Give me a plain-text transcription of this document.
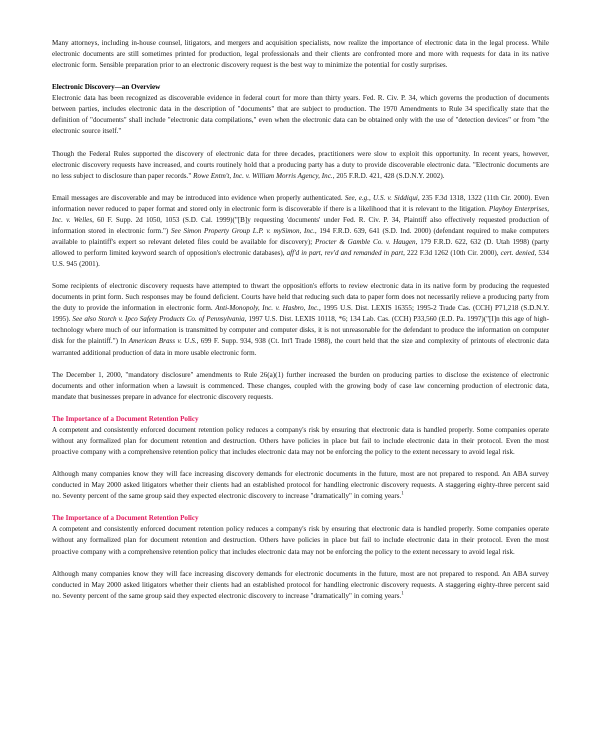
Many attorneys, including in-house counsel, litigators, and mergers and acquisition specialists, now realize the importance of electronic data in the legal process. While electronic documents are still sometimes printed for production, legal professionals and their clients are confronted more and more with requests for data in its native electronic form. Sensible preparation prior to an electronic discovery request is the best way to minimize the potential for costly surprises.

Electronic Discovery—an Overview

Electronic data has been recognized as discoverable evidence in federal court for more than thirty years. Fed. R. Civ. P. 34, which governs the production of documents between parties, includes electronic data in the description of "documents" that are subject to production. The 1970 Amendments to Rule 34 specifically state that the definition of "documents" shall include "electronic data compilations," even when the electronic data can be obtained only with the use of "detection devices" or from "the electronic source itself."

Though the Federal Rules supported the discovery of electronic data for three decades, practitioners were slow to exploit this opportunity. In recent years, however, electronic discovery requests have increased, and courts routinely hold that a producing party has a duty to provide discoverable electronic data. "Electronic documents are no less subject to disclosure than paper records." Rowe Entm't, Inc. v. William Morris Agency, Inc., 205 F.R.D. 421, 428 (S.D.N.Y. 2002).

Email messages are discoverable and may be introduced into evidence when properly authenticated. See, e.g., U.S. v. Siddiqui, 235 F.3d 1318, 1322 (11th Cir. 2000). Even information never reduced to paper format and stored only in electronic form is discoverable if there is a likelihood that it is relevant to the litigation. Playboy Enterprises, Inc. v. Welles, 60 F. Supp. 2d 1050, 1053 (S.D. Cal. 1999)("[B]y requesting 'documents' under Fed. R. Civ. P. 34, Plaintiff also effectively requested production of information stored in electronic form.") See Simon Property Group L.P. v. mySimon, Inc., 194 F.R.D. 639, 641 (S.D. Ind. 2000) (defendant required to make computers available to plaintiff's expert so relevant deleted files could be available for discovery); Procter & Gamble Co. v. Haugen, 179 F.R.D. 622, 632 (D. Utah 1998) (party allowed to perform limited keyword search of opposition's electronic databases), aff'd in part, rev'd and remanded in part, 222 F.3d 1262 (10th Cir. 2000), cert. denied, 534 U.S. 945 (2001).

Some recipients of electronic discovery requests have attempted to thwart the opposition's efforts to review electronic data in its native form by producing the requested documents in print form. Such responses may be found deficient. Courts have held that reducing such data to paper form does not necessarily relieve a producing party from the duty to provide the information in electronic form. Anti-Monopoly, Inc. v. Hasbro, Inc., 1995 U.S. Dist. LEXIS 16355; 1995-2 Trade Cas. (CCH) P71,218 (S.D.N.Y. 1995). See also Storch v. Ipco Safety Products Co. of Pennsylvania, 1997 U.S. Dist. LEXIS 10118, *6; 134 Lab. Cas. (CCH) P33,560 (E.D. Pa. 1997)("[I]n this age of high-technology where much of our information is transmitted by computer and computer disks, it is not unreasonable for the defendant to produce the information on computer disk for the plaintiff.") In American Brass v. U.S., 699 F. Supp. 934, 938 (Ct. Int'l Trade 1988), the court held that the size and complexity of printouts of electronic data warranted additional production of data in more usable electronic form.

The December 1, 2000, "mandatory disclosure" amendments to Rule 26(a)(1) further increased the burden on producing parties to disclose the existence of electronic documents and other information when a lawsuit is commenced. These changes, coupled with the growing body of case law concerning production of electronic data, mandate that businesses prepare in advance for electronic discovery requests.

The Importance of a Document Retention Policy

A competent and consistently enforced document retention policy reduces a company's risk by ensuring that electronic data is handled properly. Some companies operate without any formalized plan for document retention and destruction. Others have policies in place but fail to include electronic data in their protocol. Even the most proactive company with a comprehensive retention policy that includes electronic data may not be enforcing the policy to the extent necessary to avoid legal risk.

Although many companies know they will face increasing discovery demands for electronic documents in the future, most are not prepared to respond. An ABA survey conducted in May 2000 asked litigators whether their clients had an established protocol for handling electronic discovery requests. A staggering eighty-three percent said no. Seventy percent of the same group said they expected electronic discovery to increase "dramatically" in coming years.$^1$

The Importance of a Document Retention Policy

A competent and consistently enforced document retention policy reduces a company's risk by ensuring that electronic data is handled properly. Some companies operate without any formalized plan for document retention and destruction. Others have policies in place but fail to include electronic data in their protocol. Even the most proactive company with a comprehensive retention policy that includes electronic data may not be enforcing the policy to the extent necessary to avoid legal risk.

Although many companies know they will face increasing discovery demands for electronic documents in the future, most are not prepared to respond. An ABA survey conducted in May 2000 asked litigators whether their clients had an established protocol for handling electronic discovery requests. A staggering eighty-three percent said no. Seventy percent of the same group said they expected electronic discovery to increase "dramatically" in coming years.$^1$
